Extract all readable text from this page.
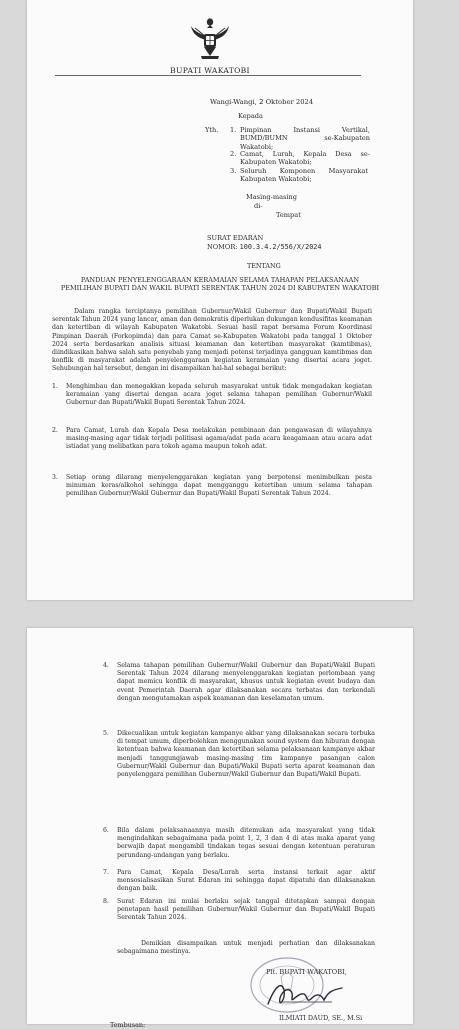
BUPATI WAKATOBI
Wangi-Wangi, 2 Oktober 2024
Kepada
Yth. 1. Pimpinan Instansi Vertikal, BUMD/BUMN se-Kabupaten Wakatobi;
2. Camat, Lurah, Kepala Desa se-Kabupaten Wakatobi;
3. Seluruh Komponen Masyarakat Kabupaten Wakatobi;
Masing-masing
di-
Tempat
SURAT EDARAN
NOMOR: 100.3.4.2/556/X/2024
TENTANG
PANDUAN PENYELENGGARAAN KERAMAIAN SELAMA TAHAPAN PELAKSANAAN PEMILIHAN BUPATI DAN WAKIL BUPATI SERENTAK TAHUN 2024 DI KABUPATEN WAKATOBI
Dalam rangka terciptanya pemilihan Gubernur/Wakil Gubernur dan Bupati/Wakil Bupati serentak Tahun 2024 yang lancar, aman dan demokratis diperlukan dukungan kondusifitas keamanan dan ketertiban di wilayah Kabupaten Wakatobi. Sesuai hasil rapat bersama Forum Koordinasi Pimpinan Daerah (Forkopimda) dan para Camat se-Kabupaten Wakatobi pada tanggal 1 Oktober 2024 serta berdasarkan analisis situasi keamanan dan ketertiban masyarakat (kamtibmas), diindikasikan bahwa salah satu penyebab yang menjadi potensi terjadinya gangguan kamtibmas dan konflik di masyarakat adalah penyelenggaraan kegiatan keramaian yang disertai acara joget. Sehubungan hal tersebut, dengan ini disampaikan hal-hal sebagai berikut:
1.	Menghimbau dan menegakkan kepada seluruh masyarakat untuk tidak mengadakan kegiatan keramaian yang disertai dengan acara joget selama tahapan pemilihan Gubernur/Wakil Gubernur dan Bupati/Wakil Bupati Serentak Tahun 2024.
2.	Para Camat, Lurah dan Kepala Desa melakukan pembinaan dan pengawasan di wilayahnya masing-masing agar tidak terjadi politisasi agama/adat pada acara keagamaan atau acara adat istiadat yang melibatkan para tokoh agama maupun tokoh adat.
3.	Setiap orang dilarang menyelenggarakan kegiatan yang berpotensi menimbulkan pesta minuman keras/alkohol sehingga dapat mengganggu ketertiban umum selama tahapan pemilihan Gubernur/Wakil Gubernur dan Bupati/Wakil Bupati Serentak Tahun 2024.
4.	Selama tahapan pemilihan Gubernur/Wakil Gubernur dan Bupati/Wakil Bupati Serentak Tahun 2024 dilarang menyelenggarakan kegiatan perlombaan yang dapat memicu konflik di masyarakat, khusus untuk kegiatan event budaya dan event Pemerintah Daerah agar dilaksanakan secara terbatas dan terkendali dengan mengutamakan aspek keamanan dan keselamatan umum.
5.	Dikecualikan untuk kegiatan kampanye akbar yang dilaksanakan secara terbuka di tempat umum, diperbolehkan menggunakan sound system dan hiburan dengan ketentuan bahwa keamanan dan ketertiban selama pelaksanaan kampanye akbar menjadi tanggungjawab masing-masing tim kampanye pasangan calon Gubernur/Wakil Gubernur dan Bupati/Wakil Bupati serta aparat keamanan dan penyelenggara pemilihan Gubernur/Wakil Gubernur dan Bupati/Wakil Bupati.
6.	Bila dalam pelaksanaannya masih ditemukan ada masyarakat yang tidak mengindahkan sebagaimana pada point 1, 2, 3 dan 4 di atas maka aparat yang berwajib dapat mengambil tindakan tegas sesuai dengan ketentuan peraturan perundang-undangan yang berlaku.
7.	Para Camat, Kepala Desa/Lurah serta instansi terkait agar aktif mensosialisasikan Surat Edaran ini sehingga dapat dipatuhi dan dilaksanakan dengan baik.
8.	Surat Edaran ini mulai berlaku sejak tanggal ditetapkan sampai dengan penetapan hasil pemilihan Gubernur/Wakil Gubernur dan Bupati/Wakil Bupati Serentak Tahun 2024.
Demikian disampaikan untuk menjadi perhatian dan dilaksanakan sebagaimana mestinya.
Plt. BUPATI WAKATOBI,
ILMIATI DAUD, SE., M.Si
Tembusan:
